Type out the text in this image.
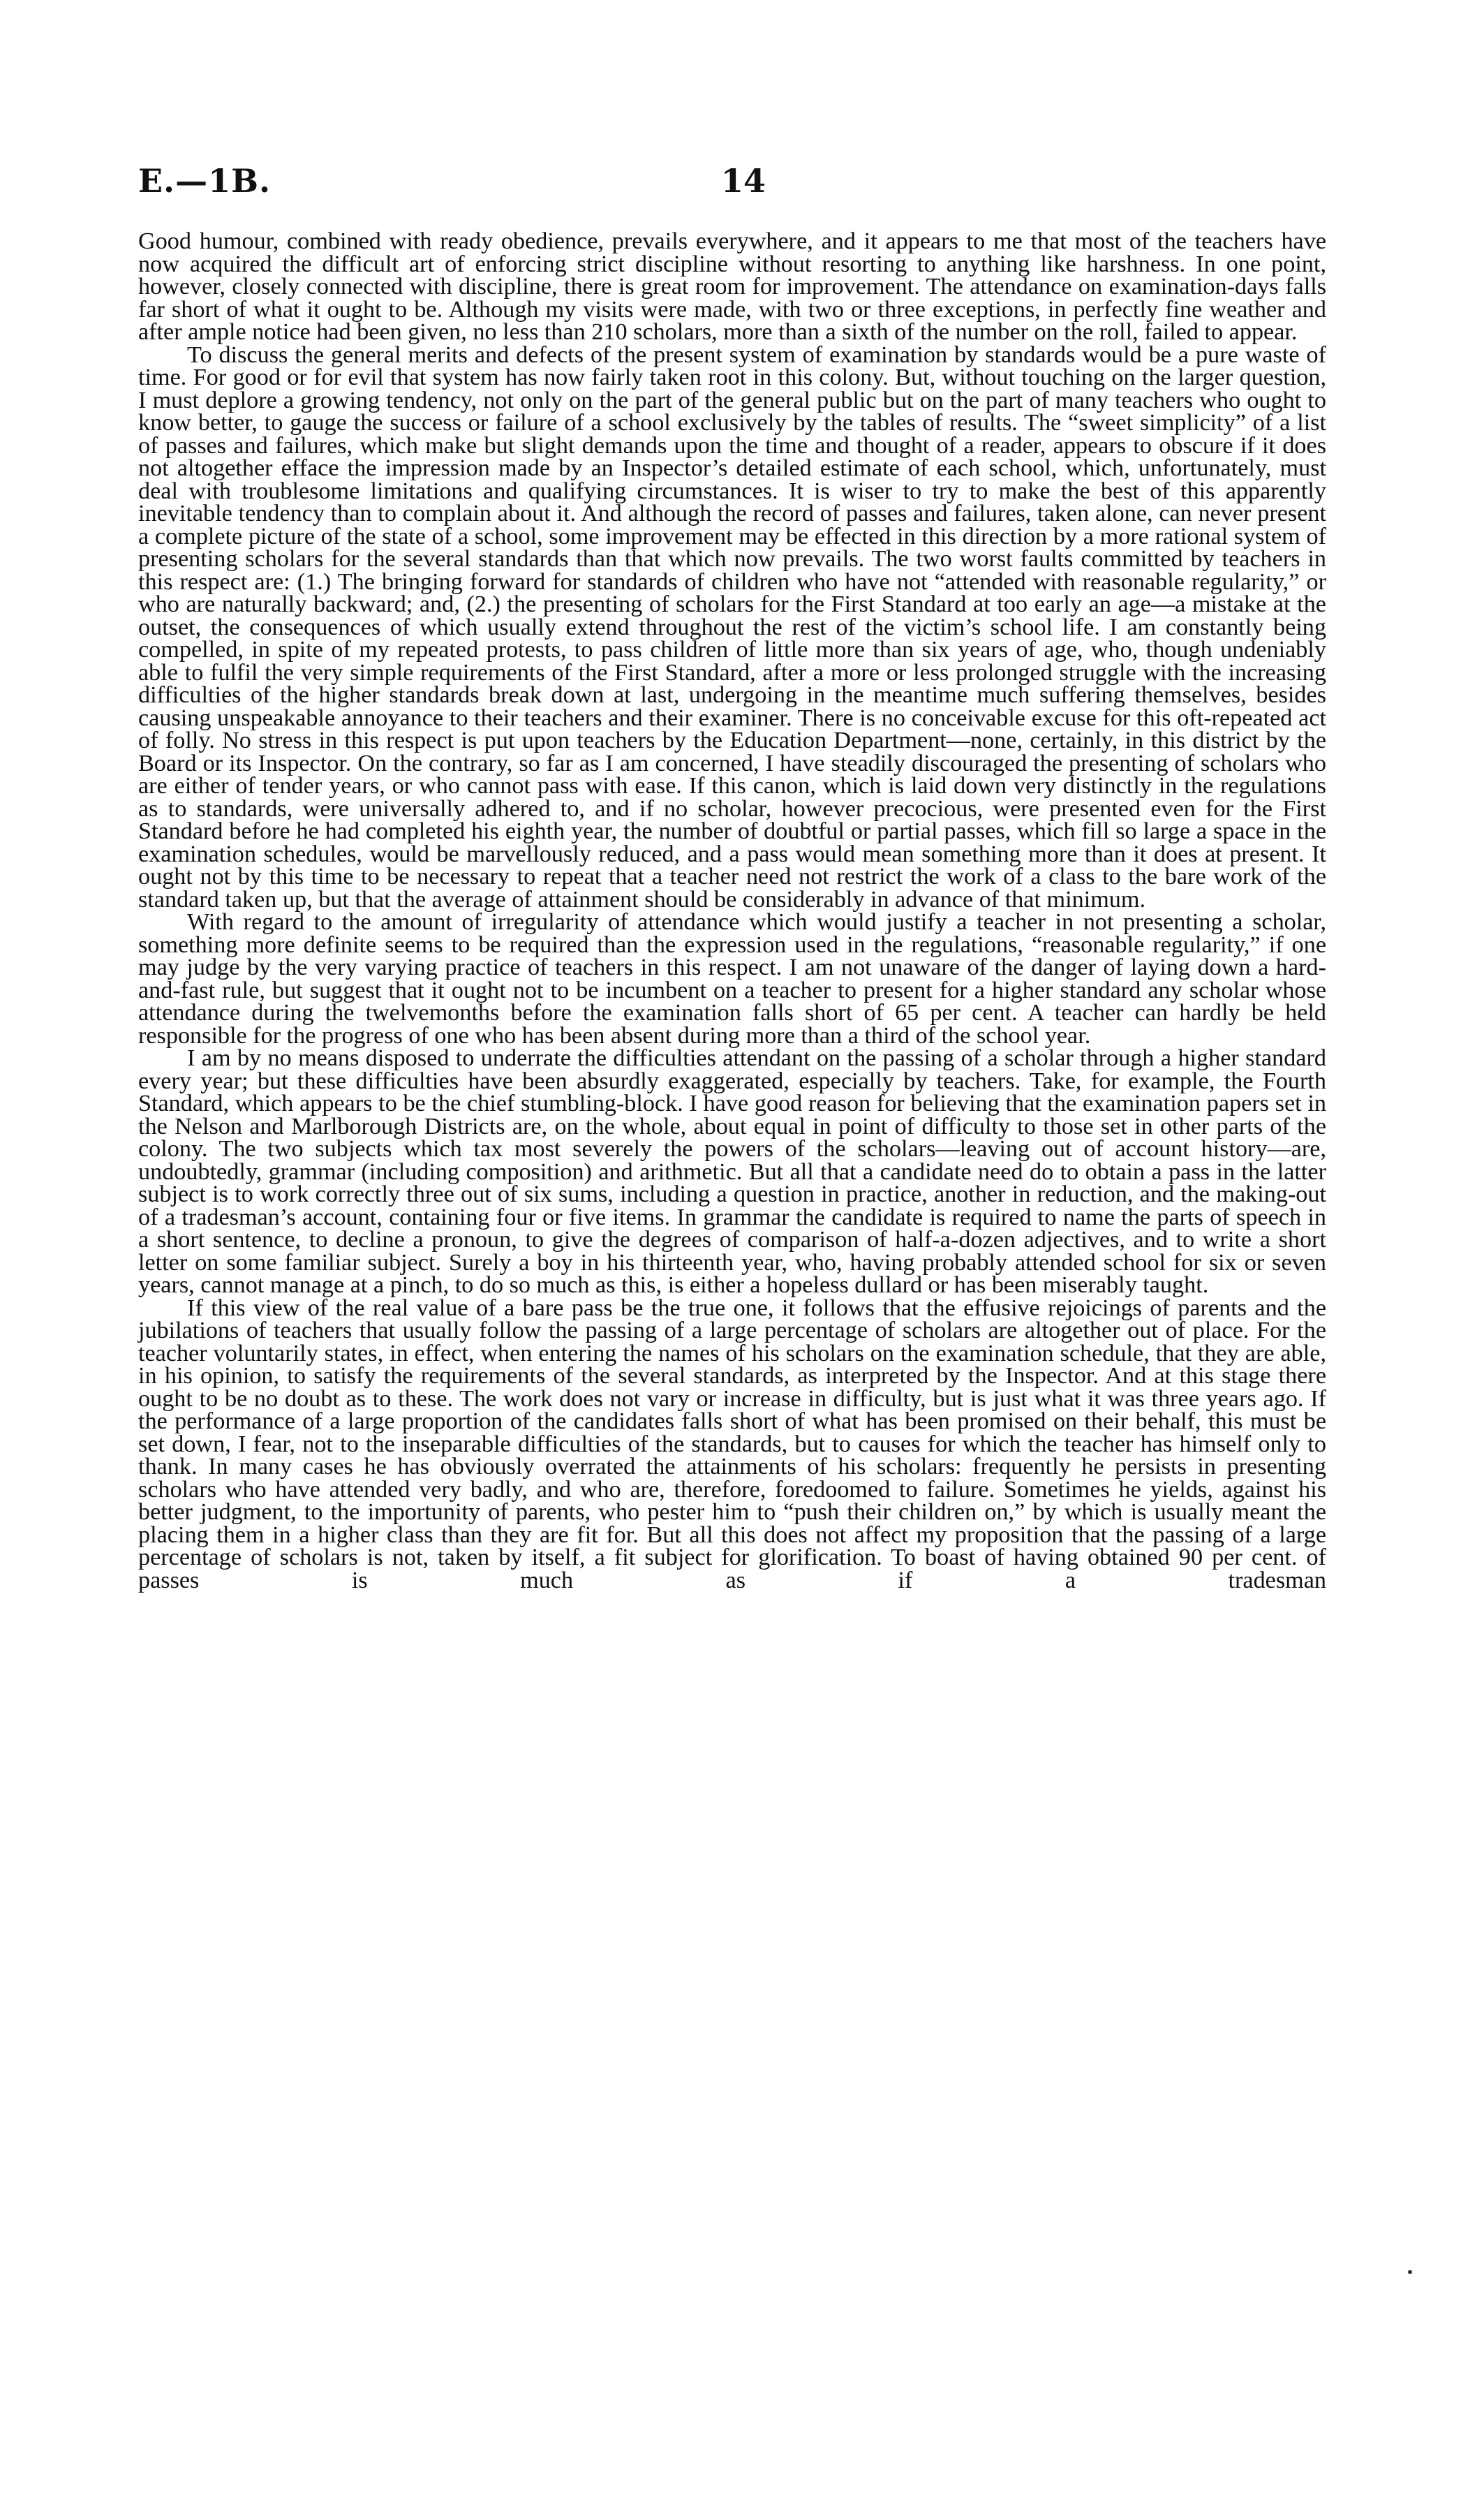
E.—1B.	14

Good humour, combined with ready obedience, prevails everywhere, and it appears to me that most of the teachers have now acquired the difficult art of enforcing strict discipline without resorting to anything like harshness. In one point, however, closely connected with discipline, there is great room for improvement. The attendance on examination-days falls far short of what it ought to be. Although my visits were made, with two or three exceptions, in perfectly fine weather and after ample notice had been given, no less than 210 scholars, more than a sixth of the number on the roll, failed to appear.

To discuss the general merits and defects of the present system of examination by standards would be a pure waste of time. For good or for evil that system has now fairly taken root in this colony. But, without touching on the larger question, I must deplore a growing tendency, not only on the part of the general public but on the part of many teachers who ought to know better, to gauge the success or failure of a school exclusively by the tables of results. The “sweet simplicity” of a list of passes and failures, which make but slight demands upon the time and thought of a reader, appears to obscure if it does not altogether efface the impression made by an Inspector’s detailed estimate of each school, which, unfortunately, must deal with troublesome limitations and qualifying circumstances. It is wiser to try to make the best of this apparently inevitable tendency than to complain about it. And although the record of passes and failures, taken alone, can never present a complete picture of the state of a school, some improvement may be effected in this direction by a more rational system of presenting scholars for the several standards than that which now prevails. The two worst faults committed by teachers in this respect are: (1.) The bringing forward for standards of children who have not “attended with reasonable regularity,” or who are naturally backward; and, (2.) the presenting of scholars for the First Standard at too early an age—a mistake at the outset, the consequences of which usually extend throughout the rest of the victim’s school life. I am constantly being compelled, in spite of my repeated protests, to pass children of little more than six years of age, who, though undeniably able to fulfil the very simple requirements of the First Standard, after a more or less prolonged struggle with the increasing difficulties of the higher standards break down at last, undergoing in the meantime much suffering themselves, besides causing unspeakable annoyance to their teachers and their examiner. There is no conceivable excuse for this oft-repeated act of folly. No stress in this respect is put upon teachers by the Education Department—none, certainly, in this district by the Board or its Inspector. On the contrary, so far as I am concerned, I have steadily discouraged the presenting of scholars who are either of tender years, or who cannot pass with ease. If this canon, which is laid down very distinctly in the regulations as to standards, were universally adhered to, and if no scholar, however precocious, were presented even for the First Standard before he had completed his eighth year, the number of doubtful or partial passes, which fill so large a space in the examination schedules, would be marvellously reduced, and a pass would mean something more than it does at present. It ought not by this time to be necessary to repeat that a teacher need not restrict the work of a class to the bare work of the standard taken up, but that the average of attainment should be considerably in advance of that minimum.

With regard to the amount of irregularity of attendance which would justify a teacher in not presenting a scholar, something more definite seems to be required than the expression used in the regulations, “reasonable regularity,” if one may judge by the very varying practice of teachers in this respect. I am not unaware of the danger of laying down a hard-and-fast rule, but suggest that it ought not to be incumbent on a teacher to present for a higher standard any scholar whose attendance during the twelvemonths before the examination falls short of 65 per cent. A teacher can hardly be held responsible for the progress of one who has been absent during more than a third of the school year.

I am by no means disposed to underrate the difficulties attendant on the passing of a scholar through a higher standard every year; but these difficulties have been absurdly exaggerated, especially by teachers. Take, for example, the Fourth Standard, which appears to be the chief stumbling-block. I have good reason for believing that the examination papers set in the Nelson and Marlborough Districts are, on the whole, about equal in point of difficulty to those set in other parts of the colony. The two subjects which tax most severely the powers of the scholars—leaving out of account history—are, undoubtedly, grammar (including composition) and arithmetic. But all that a candidate need do to obtain a pass in the latter subject is to work correctly three out of six sums, including a question in practice, another in reduction, and the making-out of a tradesman’s account, containing four or five items. In grammar the candidate is required to name the parts of speech in a short sentence, to decline a pronoun, to give the degrees of comparison of half-a-dozen adjectives, and to write a short letter on some familiar subject. Surely a boy in his thirteenth year, who, having probably attended school for six or seven years, cannot manage at a pinch, to do so much as this, is either a hopeless dullard or has been miserably taught.

If this view of the real value of a bare pass be the true one, it follows that the effusive rejoicings of parents and the jubilations of teachers that usually follow the passing of a large percentage of scholars are altogether out of place. For the teacher voluntarily states, in effect, when entering the names of his scholars on the examination schedule, that they are able, in his opinion, to satisfy the requirements of the several standards, as interpreted by the Inspector. And at this stage there ought to be no doubt as to these. The work does not vary or increase in difficulty, but is just what it was three years ago. If the performance of a large proportion of the candidates falls short of what has been promised on their behalf, this must be set down, I fear, not to the inseparable difficulties of the standards, but to causes for which the teacher has himself only to thank. In many cases he has obviously overrated the attainments of his scholars: frequently he persists in presenting scholars who have attended very badly, and who are, therefore, foredoomed to failure. Sometimes he yields, against his better judgment, to the importunity of parents, who pester him to “push their children on,” by which is usually meant the placing them in a higher class than they are fit for. But all this does not affect my proposition that the passing of a large percentage of scholars is not, taken by itself, a fit subject for glorification. To boast of having obtained 90 per cent. of passes is much as if a tradesman
